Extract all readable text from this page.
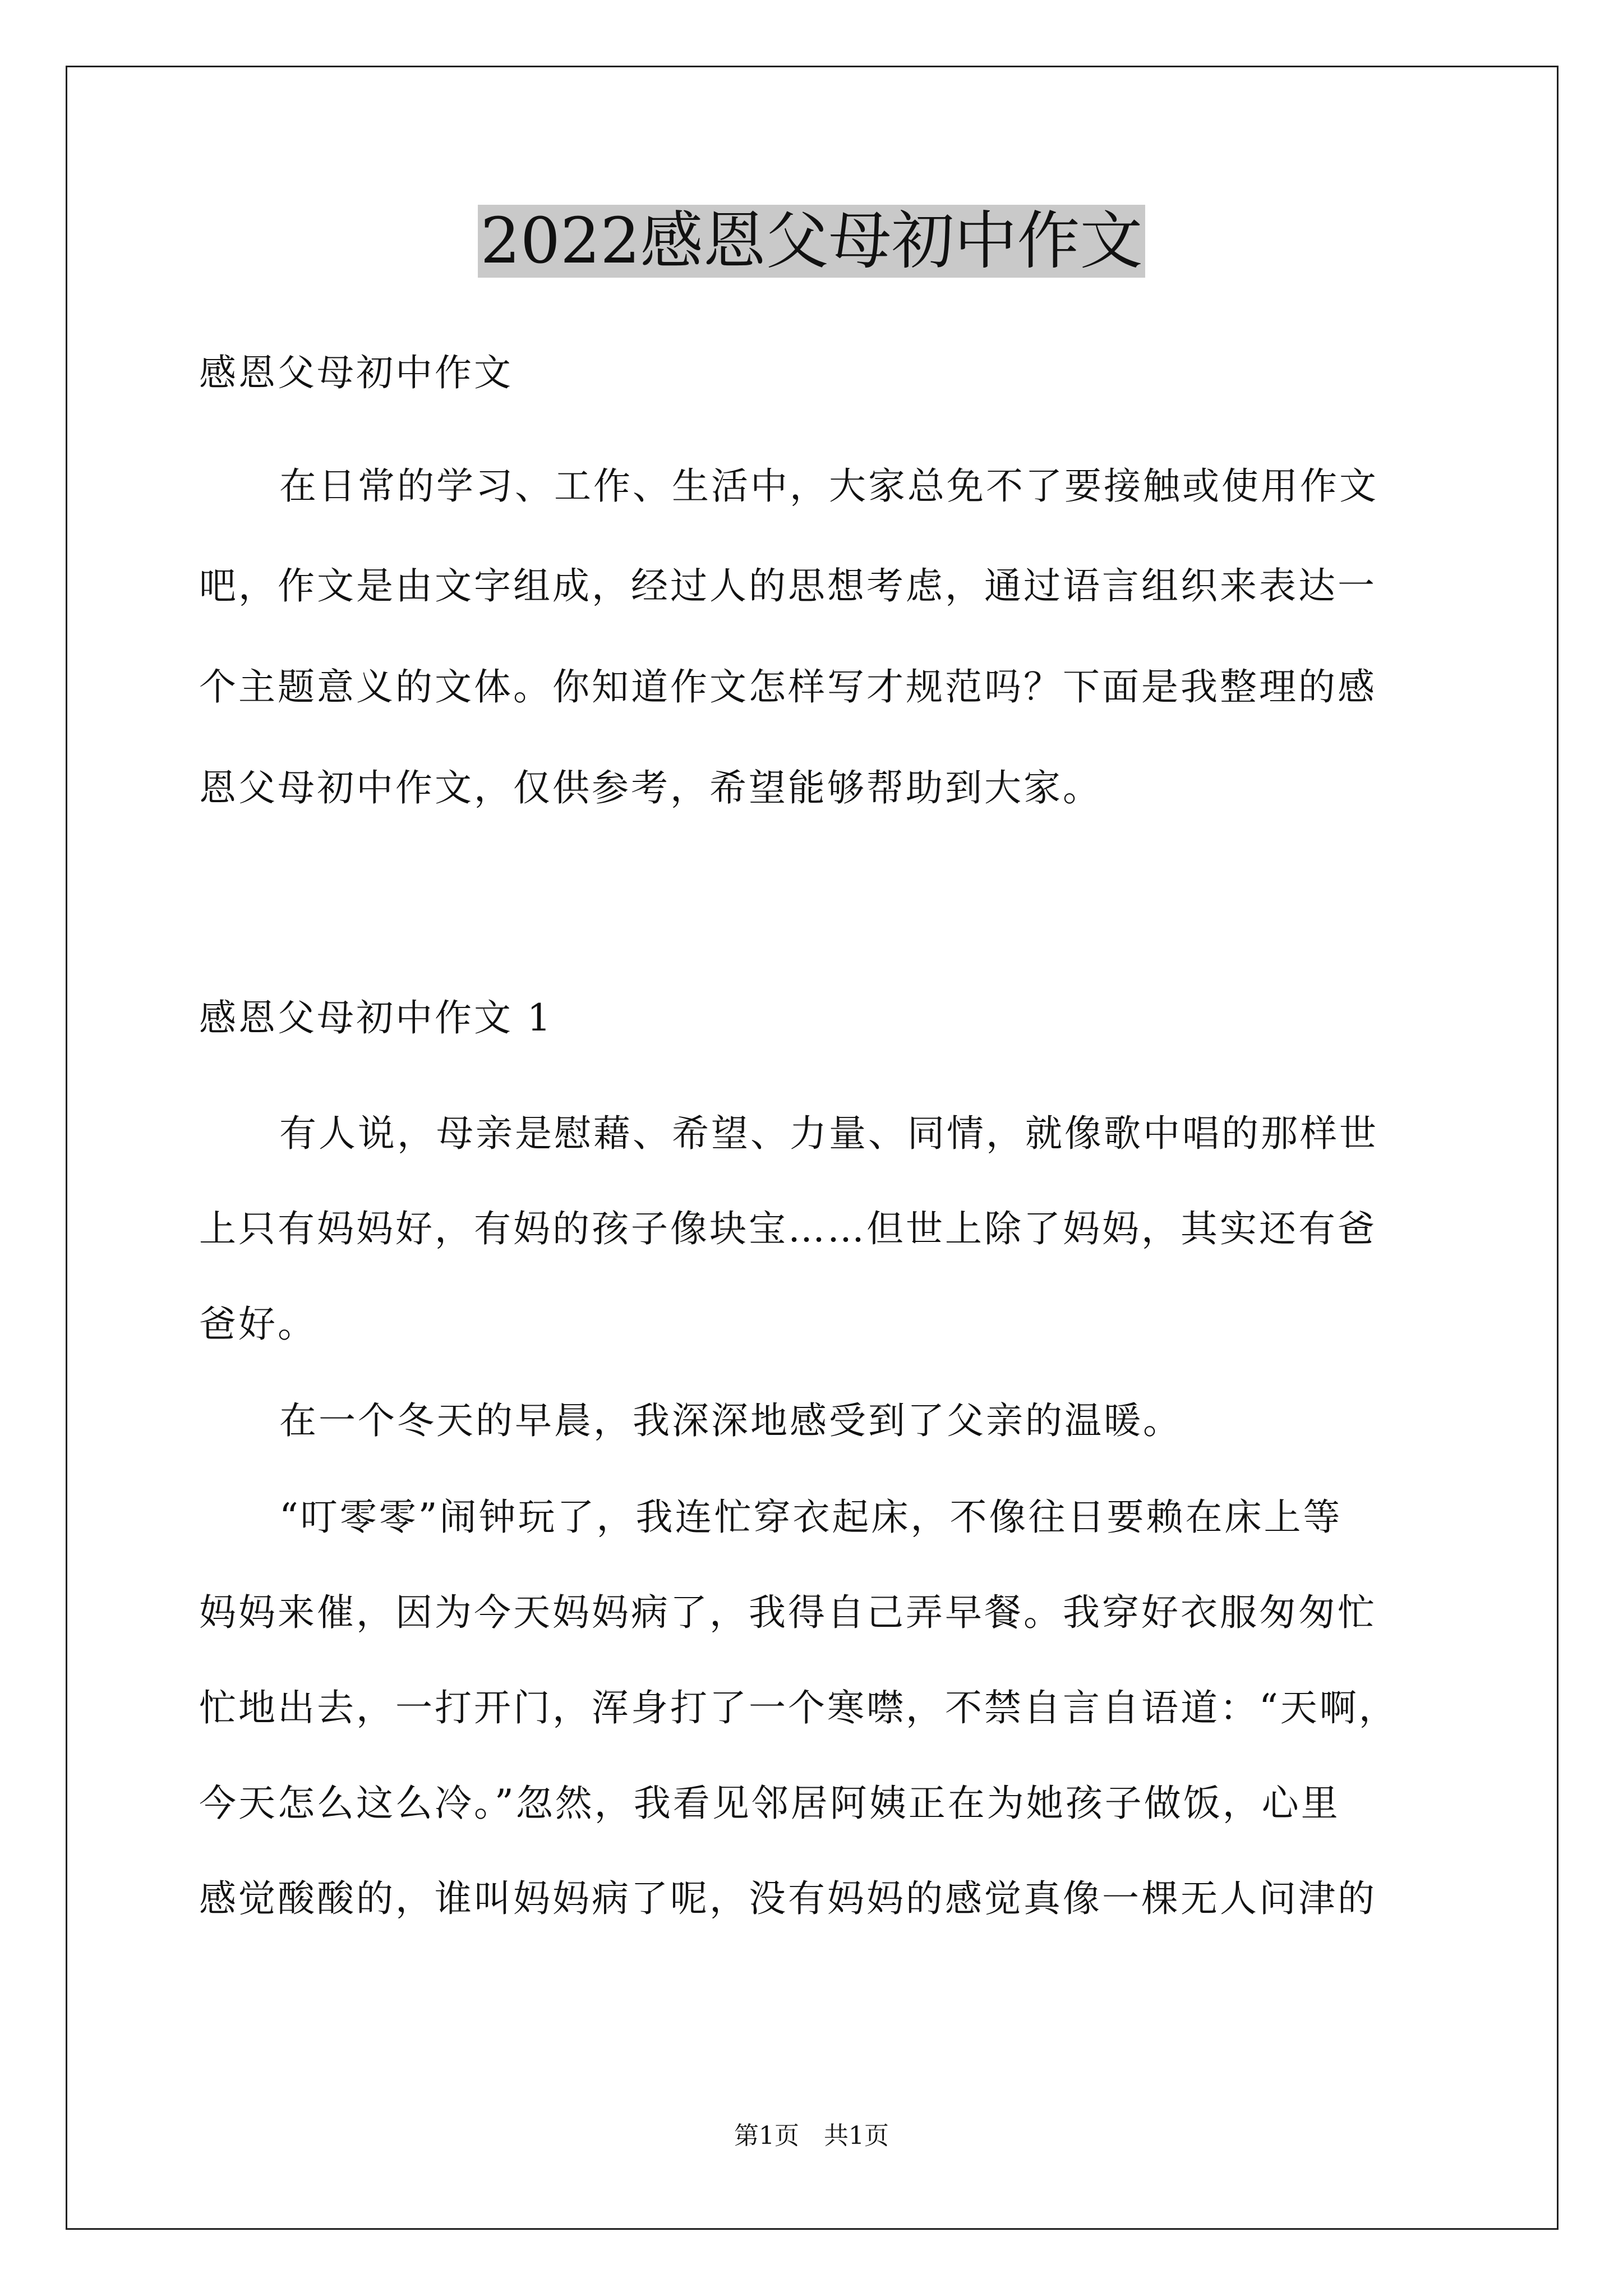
2022感恩父母初中作文
感恩父母初中作文
在日常的学习、工作、生活中，大家总免不了要接触或使用作文
吧，作文是由文字组成，经过人的思想考虑，通过语言组织来表达一
个主题意义的文体。你知道作文怎样写才规范吗？下面是我整理的感
恩父母初中作文，仅供参考，希望能够帮助到大家。
感恩父母初中作文 1
有人说，母亲是慰藉、希望、力量、同情，就像歌中唱的那样世
上只有妈妈好，有妈的孩子像块宝……但世上除了妈妈，其实还有爸
爸好。
在一个冬天的早晨，我深深地感受到了父亲的温暖。
“叮零零”闹钟玩了，我连忙穿衣起床，不像往日要赖在床上等
妈妈来催，因为今天妈妈病了，我得自己弄早餐。我穿好衣服匆匆忙
忙地出去，一打开门，浑身打了一个寒噤，不禁自言自语道：“天啊，
今天怎么这么冷。”忽然，我看见邻居阿姨正在为她孩子做饭，心里
感觉酸酸的，谁叫妈妈病了呢，没有妈妈的感觉真像一棵无人问津的
第1页　共1页
